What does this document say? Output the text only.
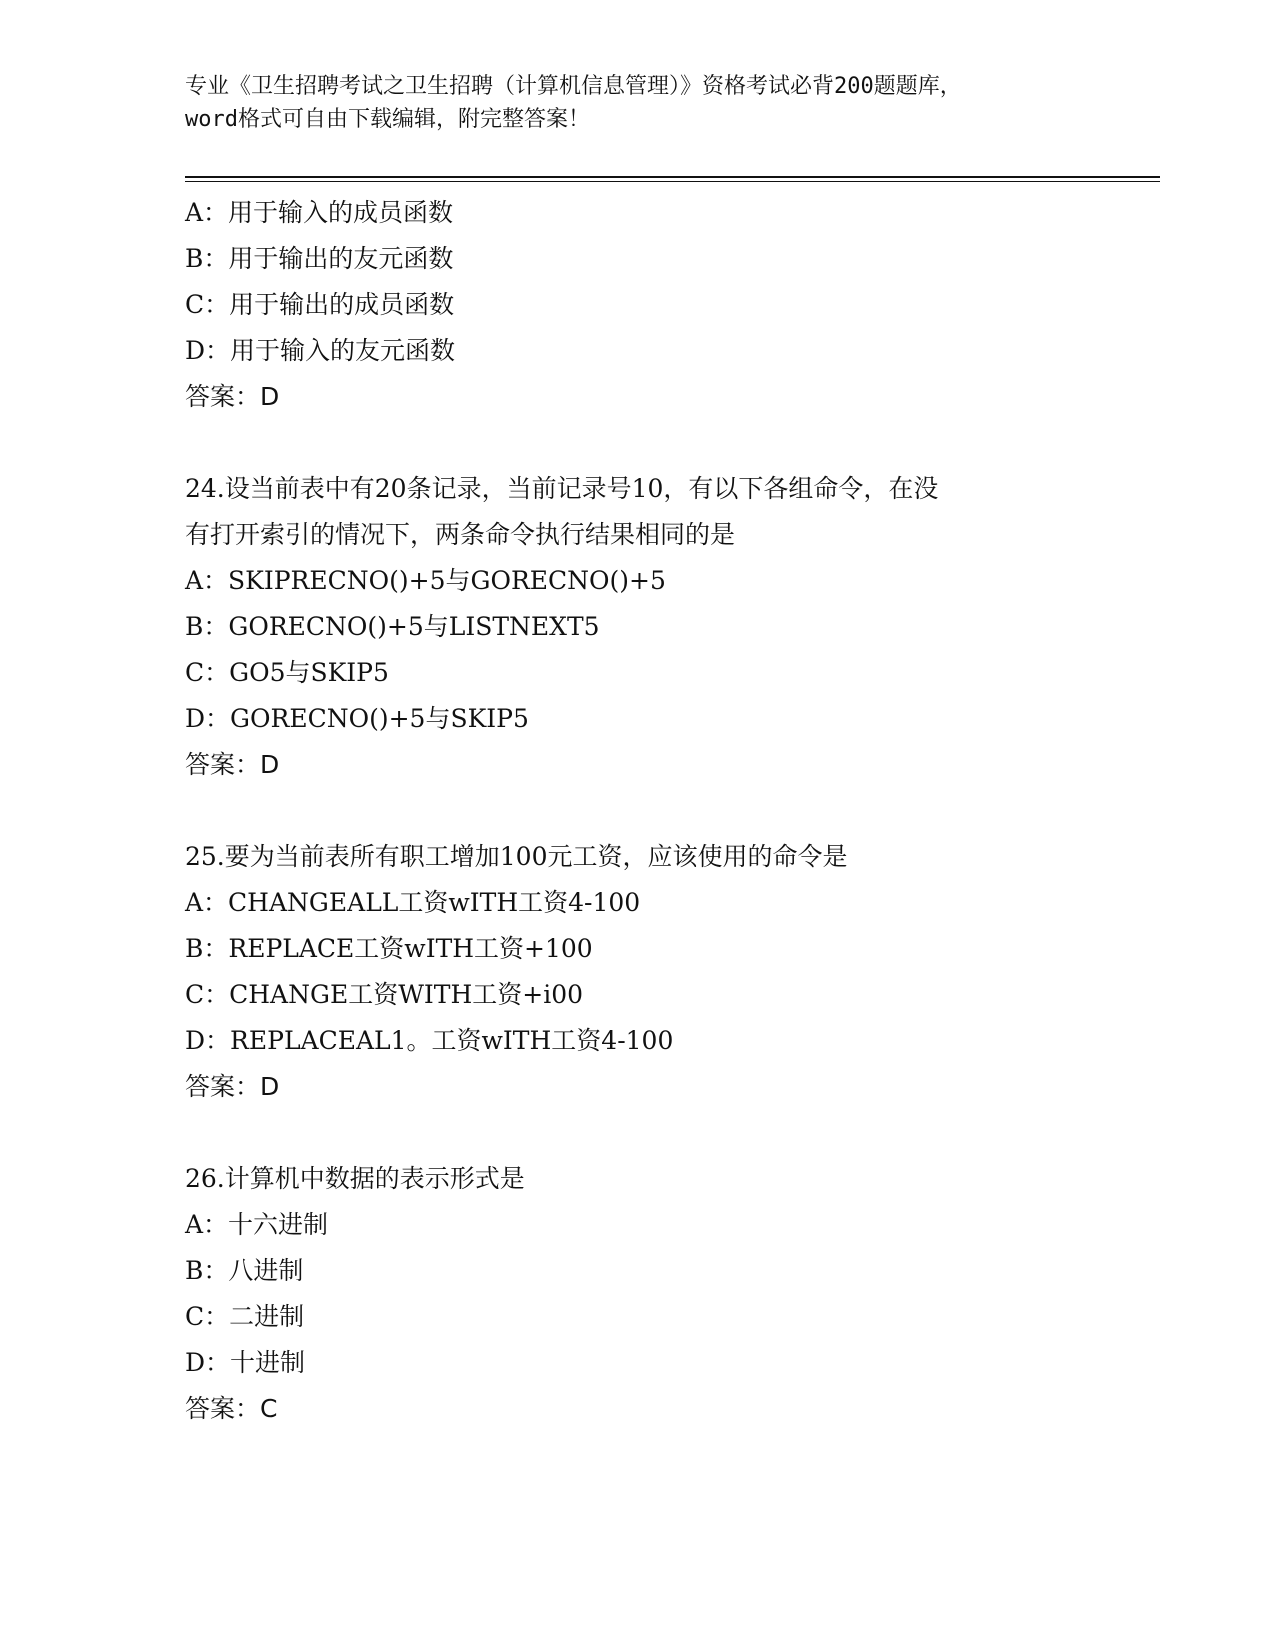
专业《卫生招聘考试之卫生招聘（计算机信息管理）》资格考试必背200题题库，
word格式可自由下载编辑，附完整答案！
A：用于输入的成员函数
B：用于输出的友元函数
C：用于输出的成员函数
D：用于输入的友元函数
答案：D
24.设当前表中有20条记录，当前记录号10，有以下各组命令，在没
有打开索引的情况下，两条命令执行结果相同的是
A：SKIPRECNO()+5与GORECNO()+5
B：GORECNO()+5与LISTNEXT5
C：GO5与SKIP5
D：GORECNO()+5与SKIP5
答案：D
25.要为当前表所有职工增加100元工资，应该使用的命令是
A：CHANGEALL工资wITH工资4-100
B：REPLACE工资wITH工资+100
C：CHANGE工资WITH工资+i00
D：REPLACEAL1。工资wITH工资4-100
答案：D
26.计算机中数据的表示形式是
A：十六进制
B：八进制
C：二进制
D：十进制
答案：C
